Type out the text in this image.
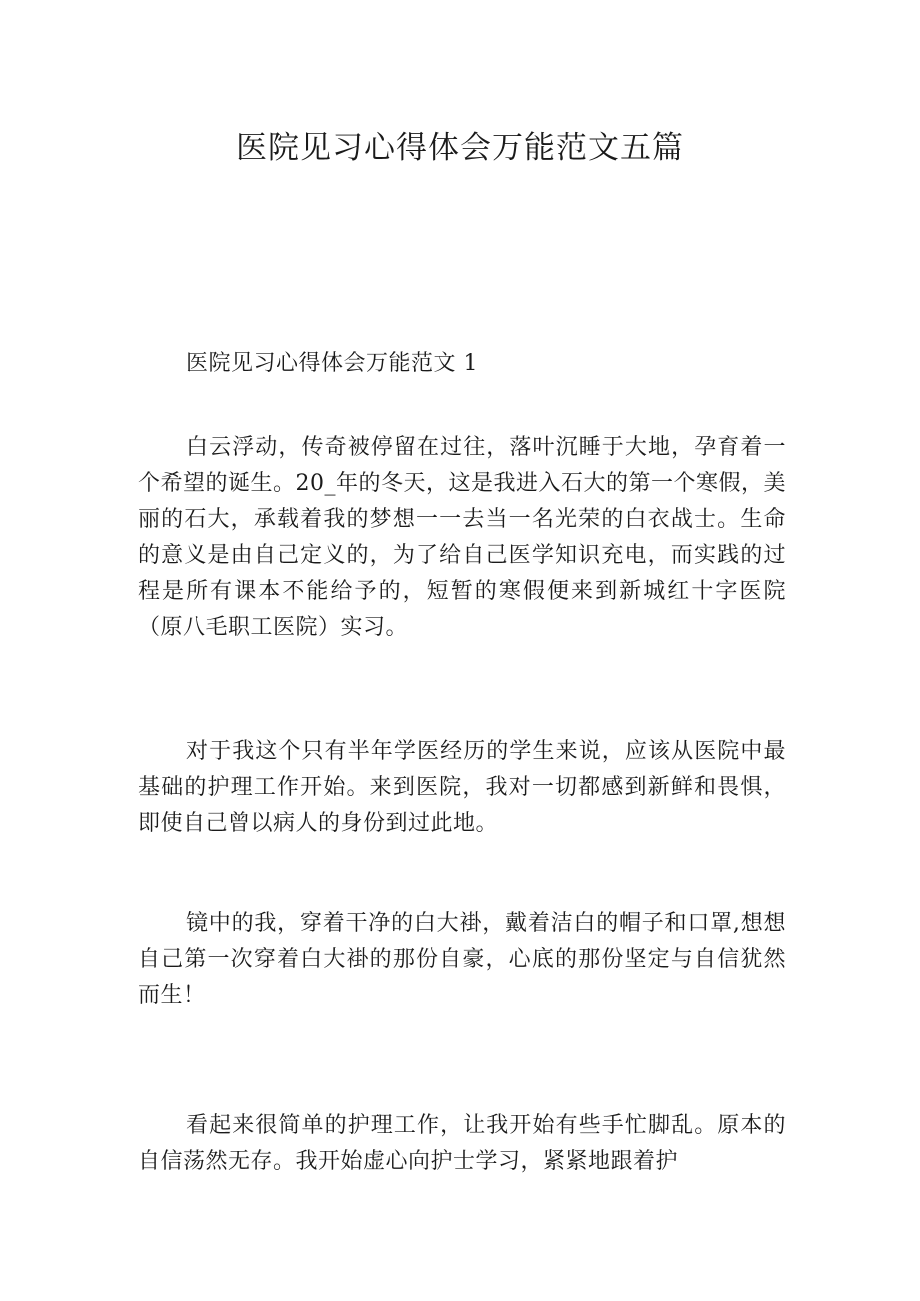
医院见习心得体会万能范文五篇

医院见习心得体会万能范文 1

白云浮动，传奇被停留在过往，落叶沉睡于大地，孕育着一个希望的诞生。20_年的冬天，这是我进入石大的第一个寒假，美丽的石大，承载着我的梦想一一去当一名光荣的白衣战士。生命的意义是由自己定义的，为了给自己医学知识充电，而实践的过程是所有课本不能给予的，短暂的寒假便来到新城红十字医院（原八毛职工医院）实习。

对于我这个只有半年学医经历的学生来说，应该从医院中最基础的护理工作开始。来到医院，我对一切都感到新鲜和畏惧，即使自己曾以病人的身份到过此地。

镜中的我，穿着干净的白大褂，戴着洁白的帽子和口罩,想想自己第一次穿着白大褂的那份自豪，心底的那份坚定与自信犹然而生！

看起来很简单的护理工作，让我开始有些手忙脚乱。原本的自信荡然无存。我开始虚心向护士学习，紧紧地跟着护
